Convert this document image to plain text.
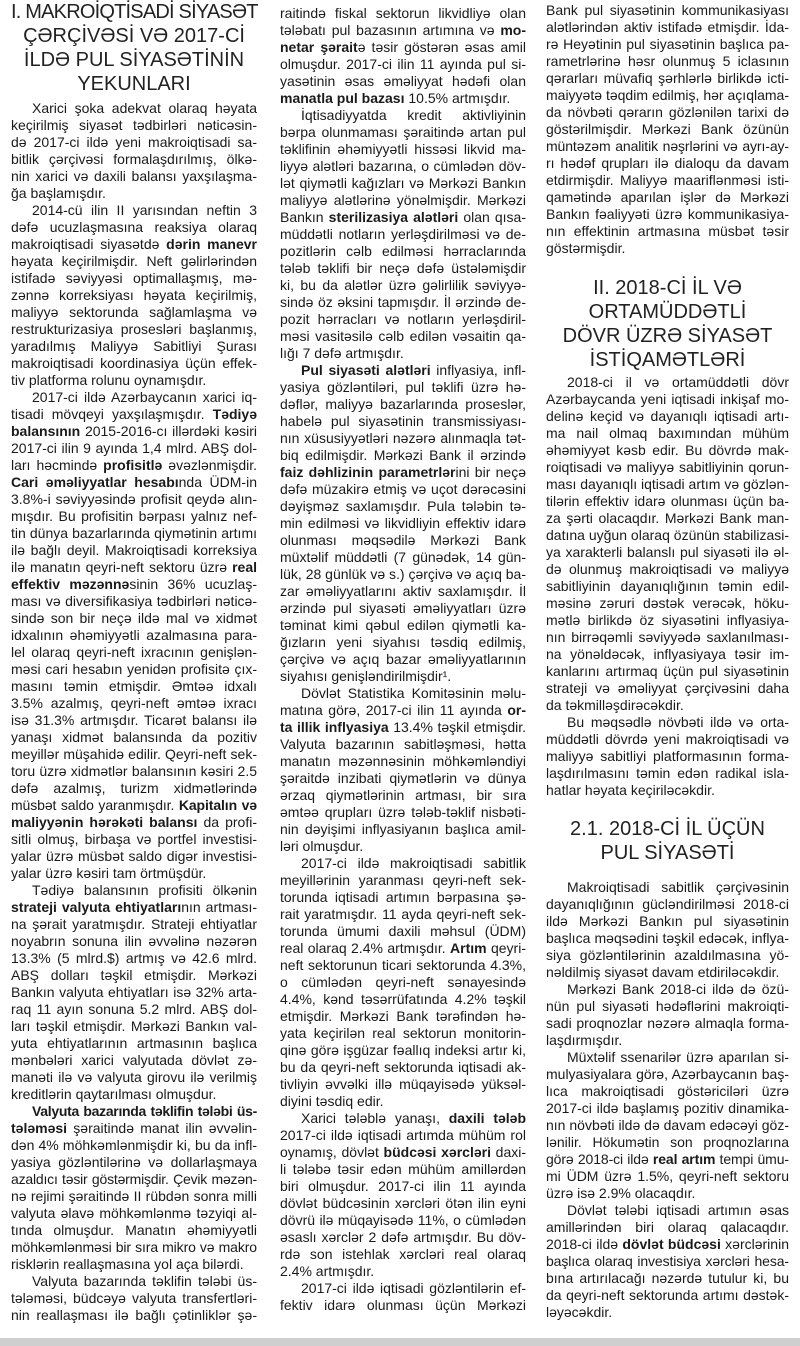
I. MAKROİQTİSADİ SİYASƏT
ÇƏRÇİVƏSİ VƏ 2017-Cİ
İLDƏ PUL SİYASƏTİNİN
YEKUNLARI
Xarici şoka adekvat olaraq həyata
keçirilmiş siyasət tədbirləri nəticəsin-
də 2017-ci ildə yeni makroiqtisadi sa-
bitlik çərçivəsi formalaşdırılmış, ölkə-
nin xarici və daxili balansı yaxşılaşma-
ğa başlamışdır.
2014-cü ilin II yarısından neftin 3
dəfə ucuzlaşmasına reaksiya olaraq
makroiqtisadi siyasətdə dərin manevr
həyata keçirilmişdir. Neft gəlirlərindən
istifadə səviyyəsi optimallaşmış, mə-
zənnə korreksiyası həyata keçirilmiş,
maliyyə sektorunda sağlamlaşma və
restrukturizasiya prosesləri başlanmış,
yaradılmış Maliyyə Sabitliyi Şurası
makroiqtisadi koordinasiya üçün effek-
tiv platforma rolunu oynamışdır.
2017-ci ildə Azərbaycanın xarici iq-
tisadi mövqeyi yaxşılaşmışdır. Tədiyə
balansının 2015-2016-cı illərdəki kəsiri
2017-ci ilin 9 ayında 1,4 mlrd. ABŞ dol-
ları həcmində profisitlə əvəzlənmişdir.
Cari əməliyyatlar hesabında ÜDM-in
3.8%-i səviyyəsində profisit qeydə alın-
mışdır. Bu profisitin bərpası yalnız nef-
tin dünya bazarlarında qiymətinin artımı
ilə bağlı deyil. Makroiqtisadi korreksiya
ilə manatın qeyri-neft sektoru üzrə real
effektiv məzənnəsinin 36% ucuzlaş-
ması və diversifikasiya tədbirləri nəticə-
sində son bir neçə ildə mal və xidmət
idxalının əhəmiyyətli azalmasına para-
lel olaraq qeyri-neft ixracının genişlən-
məsi cari hesabın yenidən profisitə çıx-
masını təmin etmişdir. Əmtəə idxalı
3.5% azalmış, qeyri-neft əmtəə ixracı
isə 31.3% artmışdır. Ticarət balansı ilə
yanaşı xidmət balansında da pozitiv
meyillər müşahidə edilir. Qeyri-neft sek-
toru üzrə xidmətlər balansının kəsiri 2.5
dəfə azalmış, turizm xidmətlərində
müsbət saldo yaranmışdır. Kapitalın və
maliyyənin hərəkəti balansı da profi-
sitli olmuş, birbaşa və portfel investisi-
yalar üzrə müsbət saldo digər investisi-
yalar üzrə kəsiri tam örtmüşdür.
Tədiyə balansının profisiti ölkənin
strateji valyuta ehtiyatlarının artması-
na şərait yaratmışdır. Strateji ehtiyatlar
noyabrın sonuna ilin əvvəlinə nəzərən
13.3% (5 mlrd.$) artmış və 42.6 mlrd.
ABŞ dolları təşkil etmişdir. Mərkəzi
Bankın valyuta ehtiyatları isə 32% arta-
raq 11 ayın sonuna 5.2 mlrd. ABŞ dol-
ları təşkil etmişdir. Mərkəzi Bankın val-
yuta ehtiyatlarının artmasının başlıca
mənbələri xarici valyutada dövlət zə-
manəti ilə və valyuta girovu ilə verilmiş
kreditlərin qaytarılması olmuşdur.
Valyuta bazarında təklifin tələbi üs-
tələməsi şəraitində manat ilin əvvəlin-
dən 4% möhkəmlənmişdir ki, bu da infl-
yasiya gözləntilərinə və dollarlaşmaya
azaldıcı təsir göstərmişdir. Çevik məzən-
nə rejimi şəraitində II rübdən sonra milli
valyuta əlavə möhkəmlənmə təzyiqi al-
tında olmuşdur. Manatın əhəmiyyətli
möhkəmlənməsi bir sıra mikro və makro
risklərin reallaşmasına yol aça bilərdi.
Valyuta bazarında təklifin tələbi üs-
tələməsi, büdcəyə valyuta transfertləri-
nin reallaşması ilə bağlı çətinliklər şə-
raitində fiskal sektorun likvidliyə olan
tələbatı pul bazasının artımına və mo-
netar şəraitə təsir göstərən əsas amil
olmuşdur. 2017-ci ilin 11 ayında pul si-
yasətinin əsas əməliyyat hədəfi olan
manatla pul bazası 10.5% artmışdır.
İqtisadiyyatda kredit aktivliyinin
bərpa olunmaması şəraitində artan pul
təklifinin əhəmiyyətli hissəsi likvid ma-
liyyə alətləri bazarına, o cümlədən döv-
lət qiymətli kağızları və Mərkəzi Bankın
maliyyə alətlərinə yönəlmişdir. Mərkəzi
Bankın sterilizasiya alətləri olan qısa-
müddətli notların yerləşdirilməsi və de-
pozitlərin cəlb edilməsi hərraclarında
tələb təklifi bir neçə dəfə üstələmişdir
ki, bu da alətlər üzrə gəlirlilik səviyyə-
sində öz əksini tapmışdır. İl ərzində de-
pozit hərracları və notların yerləşdiril-
məsi vasitəsilə cəlb edilən vəsaitin qa-
lığı 7 dəfə artmışdır.
Pul siyasəti alətləri inflyasiya, infl-
yasiya gözləntiləri, pul təklifi üzrə hə-
dəflər, maliyyə bazarlarında proseslər,
habelə pul siyasətinin transmissiyası-
nın xüsusiyyətləri nəzərə alınmaqla tət-
biq edilmişdir. Mərkəzi Bank il ərzində
faiz dəhlizinin parametrlərini bir neçə
dəfə müzakirə etmiş və uçot dərəcəsini
dəyişməz saxlamışdır. Pula tələbin tə-
min edilməsi və likvidliyin effektiv idarə
olunması məqsədilə Mərkəzi Bank
müxtəlif müddətli (7 günədək, 14 gün-
lük, 28 günlük və s.) çərçivə və açıq ba-
zar əməliyyatlarını aktiv saxlamışdır. İl
ərzində pul siyasəti əməliyyatları üzrə
təminat kimi qəbul edilən qiymətli ka-
ğızların yeni siyahısı təsdiq edilmiş,
çərçivə və açıq bazar əməliyyatlarının
siyahısı genişləndirilmişdir¹.
Dövlət Statistika Komitəsinin məlu-
matına görə, 2017-ci ilin 11 ayında or-
ta illik inflyasiya 13.4% təşkil etmişdir.
Valyuta bazarının sabitləşməsi, hətta
manatın məzənnəsinin möhkəmləndiyi
şəraitdə inzibati qiymətlərin və dünya
ərzaq qiymətlərinin artması, bir sıra
əmtəə qrupları üzrə tələb-təklif nisbəti-
nin dəyişimi inflyasiyanın başlıca amil-
ləri olmuşdur.
2017-ci ildə makroiqtisadi sabitlik
meyillərinin yaranması qeyri-neft sek-
torunda iqtisadi artımın bərpasına şə-
rait yaratmışdır. 11 ayda qeyri-neft sek-
torunda ümumi daxili məhsul (ÜDM)
real olaraq 2.4% artmışdır. Artım qeyri-
neft sektorunun ticari sektorunda 4.3%,
o cümlədən qeyri-neft sənayesində
4.4%, kənd təsərrüfatında 4.2% təşkil
etmişdir. Mərkəzi Bank tərəfindən hə-
yata keçirilən real sektorun monitorin-
qinə görə işgüzar fəallıq indeksi artır ki,
bu da qeyri-neft sektorunda iqtisadi ak-
tivliyin əvvəlki illə müqayisədə yüksəl-
diyini təsdiq edir.
Xarici tələblə yanaşı, daxili tələb
2017-ci ildə iqtisadi artımda mühüm rol
oynamış, dövlət büdcəsi xərcləri daxi-
li tələbə təsir edən mühüm amillərdən
biri olmuşdur. 2017-ci ilin 11 ayında
dövlət büdcəsinin xərcləri ötən ilin eyni
dövrü ilə müqayisədə 11%, o cümlədən
əsaslı xərclər 2 dəfə artmışdır. Bu döv-
rdə son istehlak xərcləri real olaraq
2.4% artmışdır.
2017-ci ildə iqtisadi gözləntilərin ef-
fektiv idarə olunması üçün Mərkəzi
Bank pul siyasətinin kommunikasiyası
alətlərindən aktiv istifadə etmişdir. İda-
rə Heyətinin pul siyasətinin başlıca pa-
rametrlərinə həsr olunmuş 5 iclasının
qərarları müvafiq şərhlərlə birlikdə icti-
maiyyətə təqdim edilmiş, hər açıqlama-
da növbəti qərarın gözlənilən tarixi də
göstərilmişdir. Mərkəzi Bank özünün
müntəzəm analitik nəşrlərini və ayrı-ay-
rı hədəf qrupları ilə dialoqu da davam
etdirmişdir. Maliyyə maariflənməsi isti-
qamətində aparılan işlər də Mərkəzi
Bankın fəaliyyəti üzrə kommunikasiya-
nın effektinin artmasına müsbət təsir
göstərmişdir.
II. 2018-Cİ İL VƏ
ORTAMÜDDƏTLİ
DÖVR ÜZRƏ SİYASƏT
İSTİQAMƏTLƏRİ
2018-ci il və ortamüddətli dövr
Azərbaycanda yeni iqtisadi inkişaf mo-
delinə keçid və dayanıqlı iqtisadi artı-
ma nail olmaq baxımından mühüm
əhəmiyyət kəsb edir. Bu dövrdə mak-
roiqtisadi və maliyyə sabitliyinin qorun-
ması dayanıqlı iqtisadi artım və gözlən-
tilərin effektiv idarə olunması üçün ba-
za şərti olacaqdır. Mərkəzi Bank man-
datına uyğun olaraq özünün stabilizasi-
ya xarakterli balanslı pul siyasəti ilə əl-
də olunmuş makroiqtisadi və maliyyə
sabitliyinin dayanıqlığının təmin edil-
məsinə zəruri dəstək verəcək, höku-
mətlə birlikdə öz siyasətini inflyasiya-
nın birrəqəmli səviyyədə saxlanılması-
na yönəldəcək, inflyasiyaya təsir im-
kanlarını artırmaq üçün pul siyasətinin
strateji və əməliyyat çərçivəsini daha
da təkmilləşdirəcəkdir.
Bu məqsədlə növbəti ildə və orta-
müddətli dövrdə yeni makroiqtisadi və
maliyyə sabitliyi platformasının forma-
laşdırılmasını təmin edən radikal isla-
hatlar həyata keçiriləcəkdir.
2.1. 2018-Cİ İL ÜÇÜN
PUL SİYASƏTİ
Makroiqtisadi sabitlik çərçivəsinin
dayanıqlığının gücləndirilməsi 2018-ci
ildə Mərkəzi Bankın pul siyasətinin
başlıca məqsədini təşkil edəcək, inflya-
siya gözləntilərinin azaldılmasına yö-
nəldilmiş siyasət davam etdiriləcəkdir.
Mərkəzi Bank 2018-ci ildə də özü-
nün pul siyasəti hədəflərini makroiqti-
sadi proqnozlar nəzərə almaqla forma-
laşdırmışdır.
Müxtəlif ssenarilər üzrə aparılan si-
mulyasiyalara görə, Azərbaycanın baş-
lıca makroiqtisadi göstəriciləri üzrə
2017-ci ildə başlamış pozitiv dinamika-
nın növbəti ildə də davam edəcəyi göz-
lənilir. Hökumətin son proqnozlarına
görə 2018-ci ildə real artım tempi ümu-
mi ÜDM üzrə 1.5%, qeyri-neft sektoru
üzrə isə 2.9% olacaqdır.
Dövlət tələbi iqtisadi artımın əsas
amillərindən biri olaraq qalacaqdır.
2018-ci ildə dövlət büdcəsi xərclərinin
başlıca olaraq investisiya xərcləri hesa-
bına artırılacağı nəzərdə tutulur ki, bu
da qeyri-neft sektorunda artımı dəstək-
ləyəcəkdir.
